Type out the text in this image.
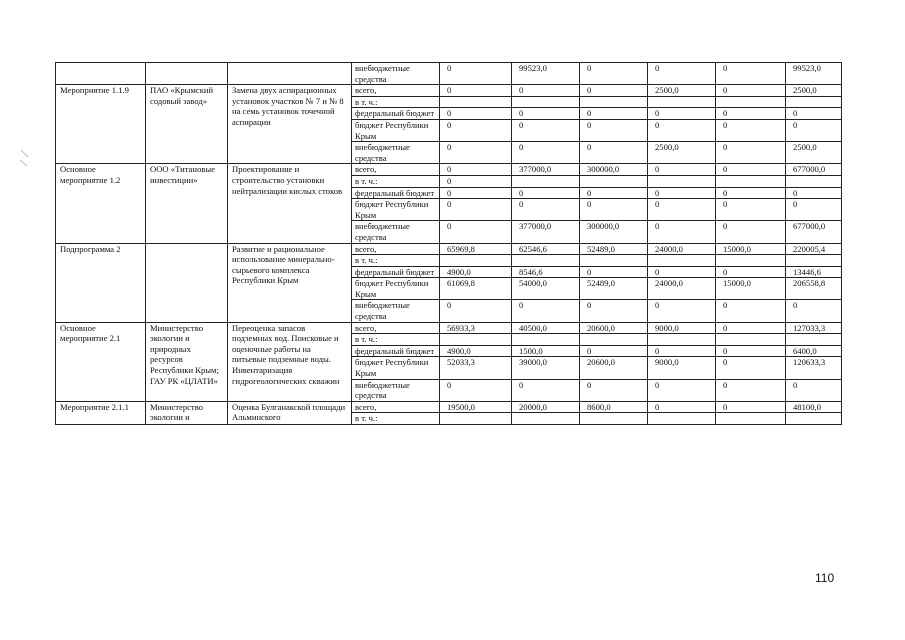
			внебюджетные средства	0	99523,0	0	0	0	99523,0
Мероприятие 1.1.9	ПАО «Крымский содовый завод»	Замена двух аспирационных установок участков № 7 и № 8 на семь установок точечной аспирации	всего,	0	0	0	2500,0	0	2500,0
			в т. ч.:						
			федеральный бюджет	0	0	0	0	0	0
			бюджет Республики Крым	0	0	0	0	0	0
			внебюджетные средства	0	0	0	2500,0	0	2500,0
Основное мероприятие 1.2	ООО «Титановые инвестиции»	Проектирование и строительство установки нейтрализации кислых стоков	всего,	0	377000,0	300000,0	0	0	677000,0
			в т. ч.:	0					
			федеральный бюджет	0	0	0	0	0	0
			бюджет Республики Крым	0	0	0	0	0	0
			внебюджетные средства	0	377000,0	300000,0	0	0	677000,0
Подпрограмма 2		Развитие и рациональное использование минерально-сырьевого комплекса Республики Крым	всего,	65969,8	62546,6	52489,0	24000,0	15000,0	220005,4
			в т. ч.:						
			федеральный бюджет	4900,0	8546,6	0	0	0	13446,6
			бюджет Республики Крым	61069,8	54000,0	52489,0	24000,0	15000,0	206558,8
			внебюджетные средства	0	0	0	0	0	0
Основное мероприятие 2.1	Министерство экологии и природных ресурсов Республики Крым; ГАУ РК «ЦЛАТИ»	Переоценка запасов подземных вод. Поисковые и оценочные работы на питьевые подземные воды. Инвентаризация гидрогеологических скважин	всего,	56933,3	40500,0	20600,0	9000,0	0	127033,3
			в т. ч.:						
			федеральный бюджет	4900,0	1500,0	0	0	0	6400,0
			бюджет Республики Крым	52033,3	39000,0	20600,0	9000,0	0	120633,3
			внебюджетные средства	0	0	0	0	0	0
Мероприятие 2.1.1	Министерство экологии и	Оценка Булганакской площади Альминского	всего,	19500,0	20000,0	8600,0	0	0	48100,0
			в т. ч.:						
110
